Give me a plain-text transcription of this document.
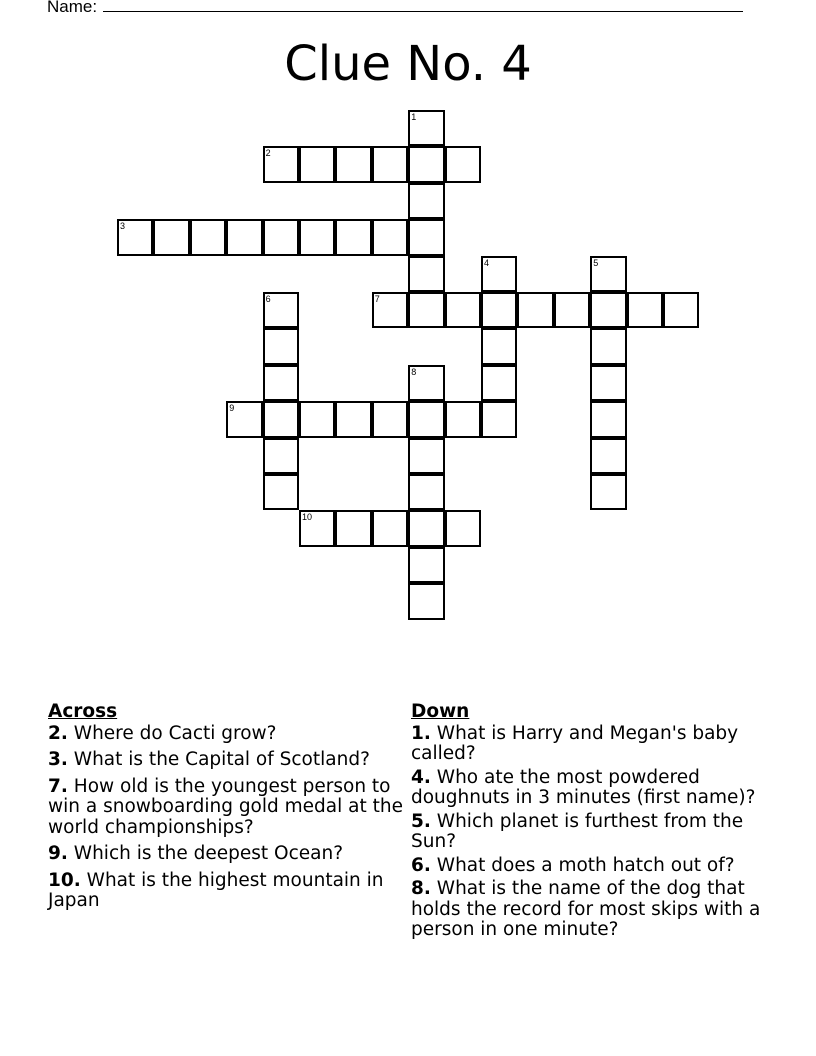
Name:
Clue No. 4
1
2
3
4	5
6	7
8
9
10
Across
2. Where do Cacti grow?
3. What is the Capital of Scotland?
7. How old is the youngest person to win a snowboarding gold medal at the world championships?
9. Which is the deepest Ocean?
10. What is the highest mountain in Japan
Down
1. What is Harry and Megan's baby called?
4. Who ate the most powdered doughnuts in 3 minutes (first name)?
5. Which planet is furthest from the Sun?
6. What does a moth hatch out of?
8. What is the name of the dog that holds the record for most skips with a person in one minute?
